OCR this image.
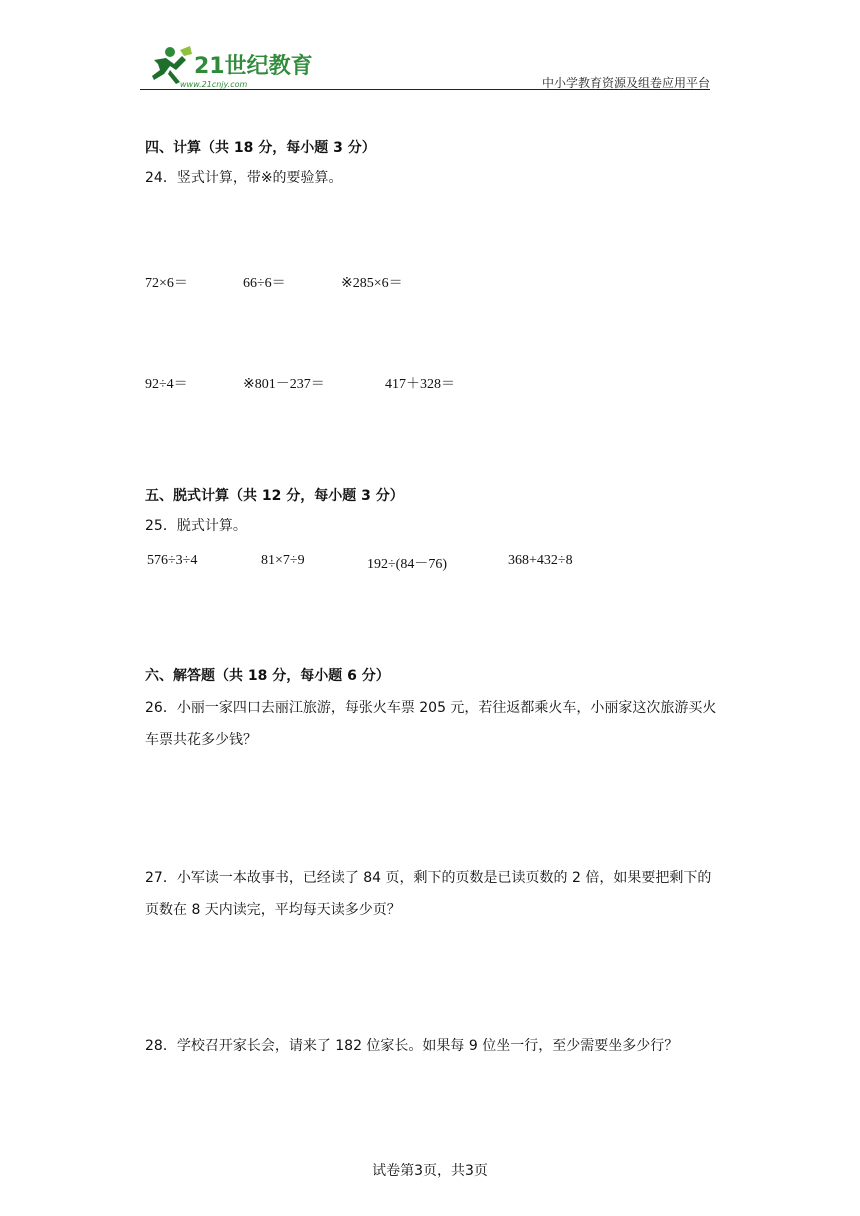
21世纪教育
www.21cnjy.com	中小学教育资源及组卷应用平台
四、计算（共 18 分，每小题 3 分）
24．竖式计算，带※的要验算。
72×6＝	66÷6＝	※285×6＝
92÷4＝	※801－237＝	417＋328＝
五、脱式计算（共 12 分，每小题 3 分）
25．脱式计算。
576÷3÷4	81×7÷9	192÷(84－76)	368+432÷8
六、解答题（共 18 分，每小题 6 分）
26．小丽一家四口去丽江旅游，每张火车票 205 元，若往返都乘火车，小丽家这次旅游买火车票共花多少钱？
27．小军读一本故事书，已经读了 84 页，剩下的页数是已读页数的 2 倍，如果要把剩下的页数在 8 天内读完，平均每天读多少页？
28．学校召开家长会，请来了 182 位家长。如果每 9 位坐一行，至少需要坐多少行？
试卷第3页，共3页
